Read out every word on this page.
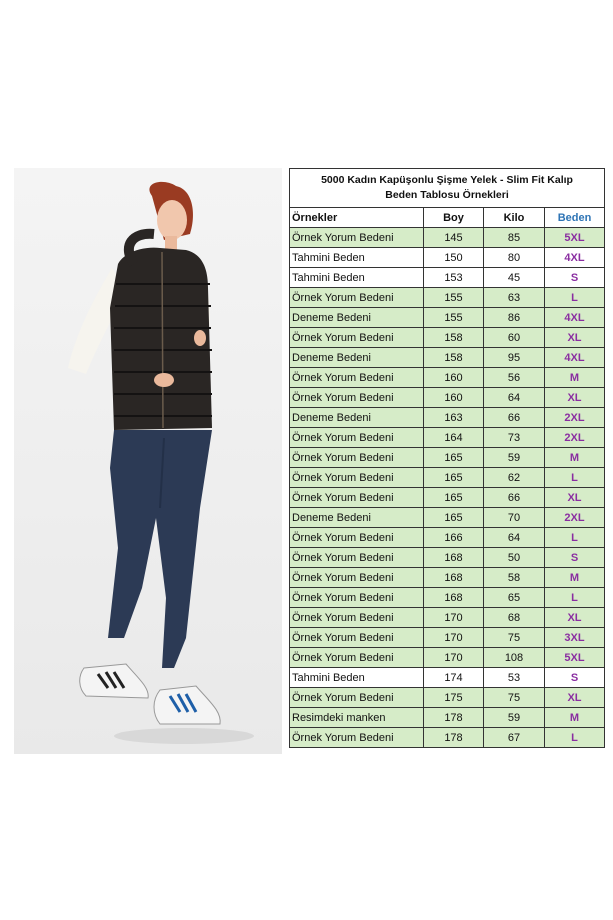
5000 Kadın Kapüşonlu Şişme Yelek - Slim Fit Kalıp
Beden Tablosu Örnekleri			
Örnekler	Boy	Kilo	Beden
Örnek Yorum Bedeni	145	85	5XL
Tahmini Beden	150	80	4XL
Tahmini Beden	153	45	S
Örnek Yorum Bedeni	155	63	L
Deneme Bedeni	155	86	4XL
Örnek Yorum Bedeni	158	60	XL
Deneme Bedeni	158	95	4XL
Örnek Yorum Bedeni	160	56	M
Örnek Yorum Bedeni	160	64	XL
Deneme Bedeni	163	66	2XL
Örnek Yorum Bedeni	164	73	2XL
Örnek Yorum Bedeni	165	59	M
Örnek Yorum Bedeni	165	62	L
Örnek Yorum Bedeni	165	66	XL
Deneme Bedeni	165	70	2XL
Örnek Yorum Bedeni	166	64	L
Örnek Yorum Bedeni	168	50	S
Örnek Yorum Bedeni	168	58	M
Örnek Yorum Bedeni	168	65	L
Örnek Yorum Bedeni	170	68	XL
Örnek Yorum Bedeni	170	75	3XL
Örnek Yorum Bedeni	170	108	5XL
Tahmini Beden	174	53	S
Örnek Yorum Bedeni	175	75	XL
Resimdeki manken	178	59	M
Örnek Yorum Bedeni	178	67	L
